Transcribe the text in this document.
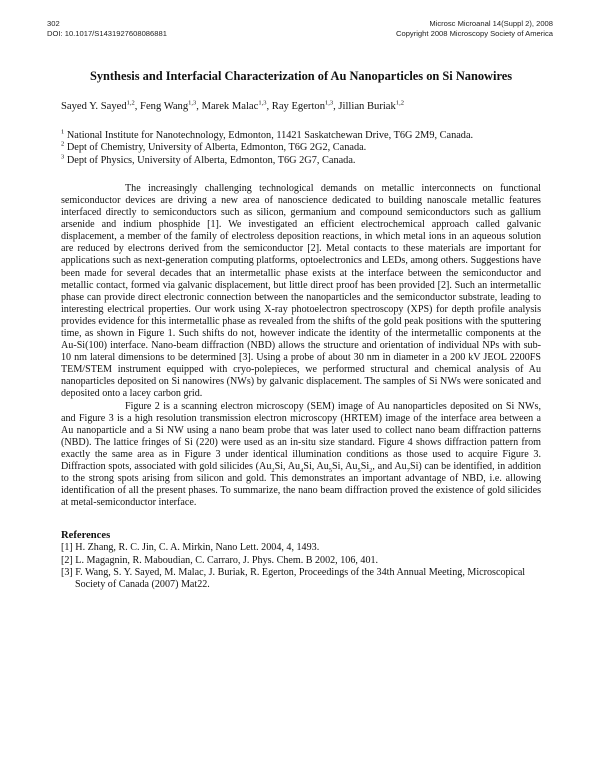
302
DOI: 10.1017/S1431927608086881
Microsc Microanal 14(Suppl 2), 2008
Copyright 2008 Microscopy Society of America
Synthesis and Interfacial Characterization of Au Nanoparticles on Si Nanowires
Sayed Y. Sayed$^{1,2}$, Feng Wang$^{1,3}$, Marek Malac$^{1,3}$, Ray Egerton$^{1,3}$, Jillian Buriak$^{1,2}$
$^1$ National Institute for Nanotechnology, Edmonton, 11421 Saskatchewan Drive, T6G 2M9, Canada.
$^2$ Dept of Chemistry, University of Alberta, Edmonton, T6G 2G2, Canada.
$^3$ Dept of Physics, University of Alberta, Edmonton, T6G 2G7, Canada.

The increasingly challenging technological demands on metallic interconnects on functional semiconductor devices are driving a new area of nanoscience dedicated to building nanoscale metallic features interfaced directly to semiconductors such as silicon, germanium and compound semiconductors such as gallium arsenide and indium phosphide [1]. We investigated an efficient electrochemical approach called galvanic displacement, a member of the family of electroless deposition reactions, in which metal ions in an aqueous solution are reduced by electrons derived from the semiconductor [2]. Metal contacts to these materials are important for applications such as next-generation computing platforms, optoelectronics and LEDs, among others. Suggestions have been made for several decades that an intermetallic phase exists at the interface between the semiconductor and metallic contact, formed via galvanic displacement, but little direct proof has been provided [2]. Such an intermetallic phase can provide direct electronic connection between the nanoparticles and the semiconductor substrate, leading to interesting electrical properties. Our work using X-ray photoelectron spectroscopy (XPS) for depth profile analysis provides evidence for this intermetallic phase as revealed from the shifts of the gold peak positions with the sputtering time, as shown in Figure 1. Such shifts do not, however indicate the identity of the intermetallic components at the Au-Si(100) interface. Nano-beam diffraction (NBD) allows the structure and orientation of individual NPs with sub-10 nm lateral dimensions to be determined [3]. Using a probe of about 30 nm in diameter in a 200 kV JEOL 2200FS TEM/STEM instrument equipped with cryo-polepieces, we performed structural and chemical analysis of Au nanoparticles deposited on Si nanowires (NWs) by galvanic displacement. The samples of Si NWs were sonicated and deposited onto a lacey carbon grid.

Figure 2 is a scanning electron microscopy (SEM) image of Au nanoparticles deposited on Si NWs, and Figure 3 is a high resolution transmission electron microscopy (HRTEM) image of the interface area between a Au nanoparticle and a Si NW using a nano beam probe that was later used to collect nano beam diffraction patterns (NBD). The lattice fringes of Si (220) were used as an in-situ size standard. Figure 4 shows diffraction pattern from exactly the same area as in Figure 3 under identical illumination conditions as those used to acquire Figure 3. Diffraction spots, associated with gold silicides ($Au_2Si$, $Au_4Si$, $Au_5Si$, $Au_5Si_2$, and $Au_7Si$) can be identified, in addition to the strong spots arising from silicon and gold. This demonstrates an important advantage of NBD, i.e. allowing identification of all the present phases. To summarize, the nano beam diffraction proved the existence of gold silicides at metal-semiconductor interface.

References
[1] H. Zhang, R. C. Jin, C. A. Mirkin, Nano Lett. 2004, 4, 1493.
[2] L. Magagnin, R. Maboudian, C. Carraro, J. Phys. Chem. B 2002, 106, 401.
[3] F. Wang, S. Y. Sayed, M. Malac, J. Buriak, R. Egerton, Proceedings of the 34th Annual Meeting, Microscopical Society of Canada (2007) Mat22.
